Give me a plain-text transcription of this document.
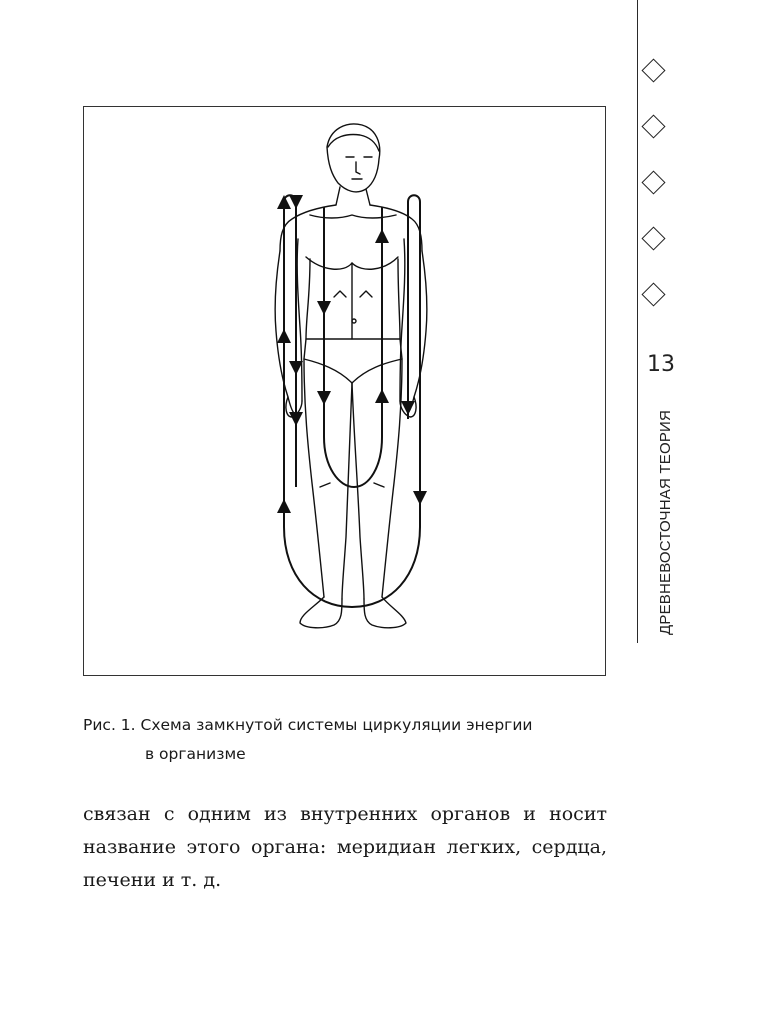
13
ДРЕВНЕВОСТОЧНАЯ ТЕОРИЯ
Рис. 1. Схема замкнутой системы циркуляции энергии
в организме
связан с одним из внутренних органов и носит
название этого органа: меридиан легких, сердца,
печени и т. д.
